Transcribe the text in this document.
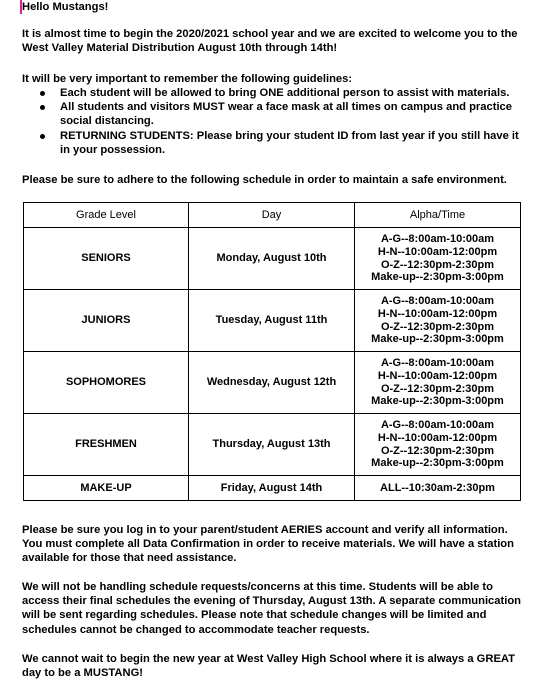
Hello Mustangs!

It is almost time to begin the 2020/2021 school year and we are excited to welcome you to the West Valley Material Distribution August 10th through 14th!

It will be very important to remember the following guidelines:

Each student will be allowed to bring ONE additional person to assist with materials.
All students and visitors MUST wear a face mask at all times on campus and practice social distancing.
RETURNING STUDENTS: Please bring your student ID from last year if you still have it in your possession.

Please be sure to adhere to the following schedule in order to maintain a safe environment.

Grade Level	Day	Alpha/Time
SENIORS	Monday, August 10th	A-G--8:00am-10:00am
H-N--10:00am-12:00pm
O-Z--12:30pm-2:30pm
Make-up--2:30pm-3:00pm

JUNIORS	Tuesday, August 11th	A-G--8:00am-10:00am
H-N--10:00am-12:00pm
O-Z--12:30pm-2:30pm
Make-up--2:30pm-3:00pm

SOPHOMORES	Wednesday, August 12th	A-G--8:00am-10:00am
H-N--10:00am-12:00pm
O-Z--12:30pm-2:30pm
Make-up--2:30pm-3:00pm

FRESHMEN	Thursday, August 13th	A-G--8:00am-10:00am
H-N--10:00am-12:00pm
O-Z--12:30pm-2:30pm
Make-up--2:30pm-3:00pm

MAKE-UP	Friday, August 14th	ALL--10:30am-2:30pm

Please be sure you log in to your parent/student AERIES account and verify all information. You must complete all Data Confirmation in order to receive materials. We will have a station available for those that need assistance.

We will not be handling schedule requests/concerns at this time. Students will be able to access their final schedules the evening of Thursday, August 13th. A separate communication will be sent regarding schedules. Please note that schedule changes will be limited and schedules cannot be changed to accommodate teacher requests.

We cannot wait to begin the new year at West Valley High School where it is always a GREAT day to be a MUSTANG!
